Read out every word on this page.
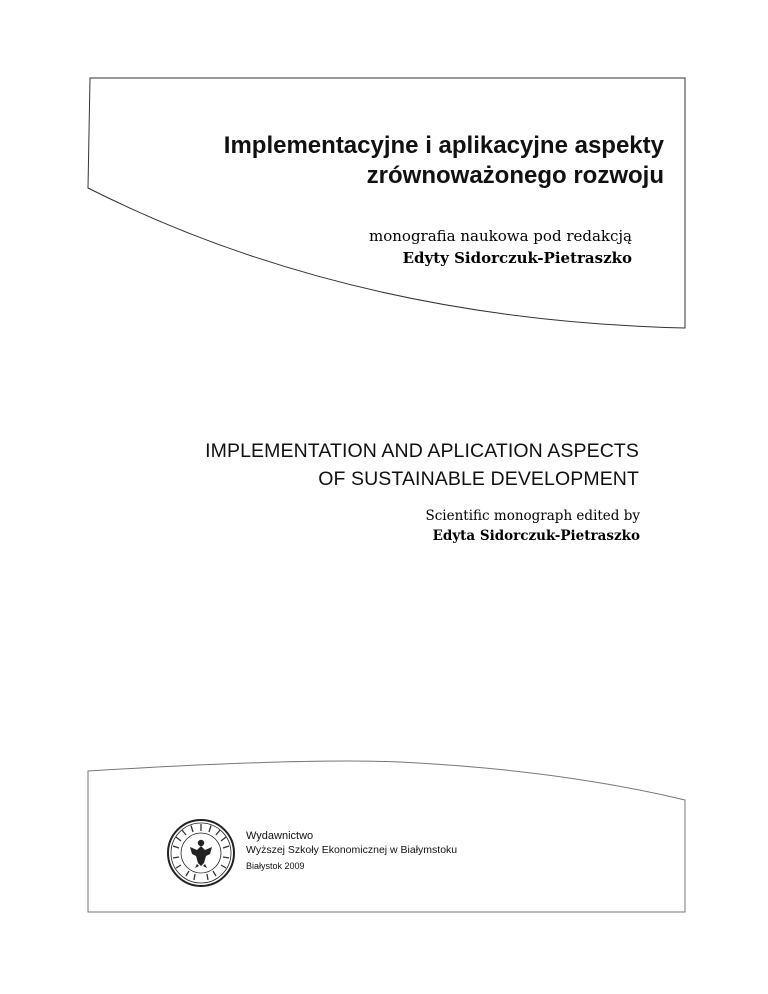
Implementacyjne i aplikacyjne aspekty
zrównoważonego rozwoju
monografia naukowa pod redakcją
Edyty Sidorczuk-Pietraszko
IMPLEMENTATION AND APLICATION ASPECTS
OF SUSTAINABLE DEVELOPMENT
Scientific monograph edited by
Edyta Sidorczuk-Pietraszko
Wydawnictwo
Wyższej Szkoły Ekonomicznej w Białymstoku
Białystok 2009
